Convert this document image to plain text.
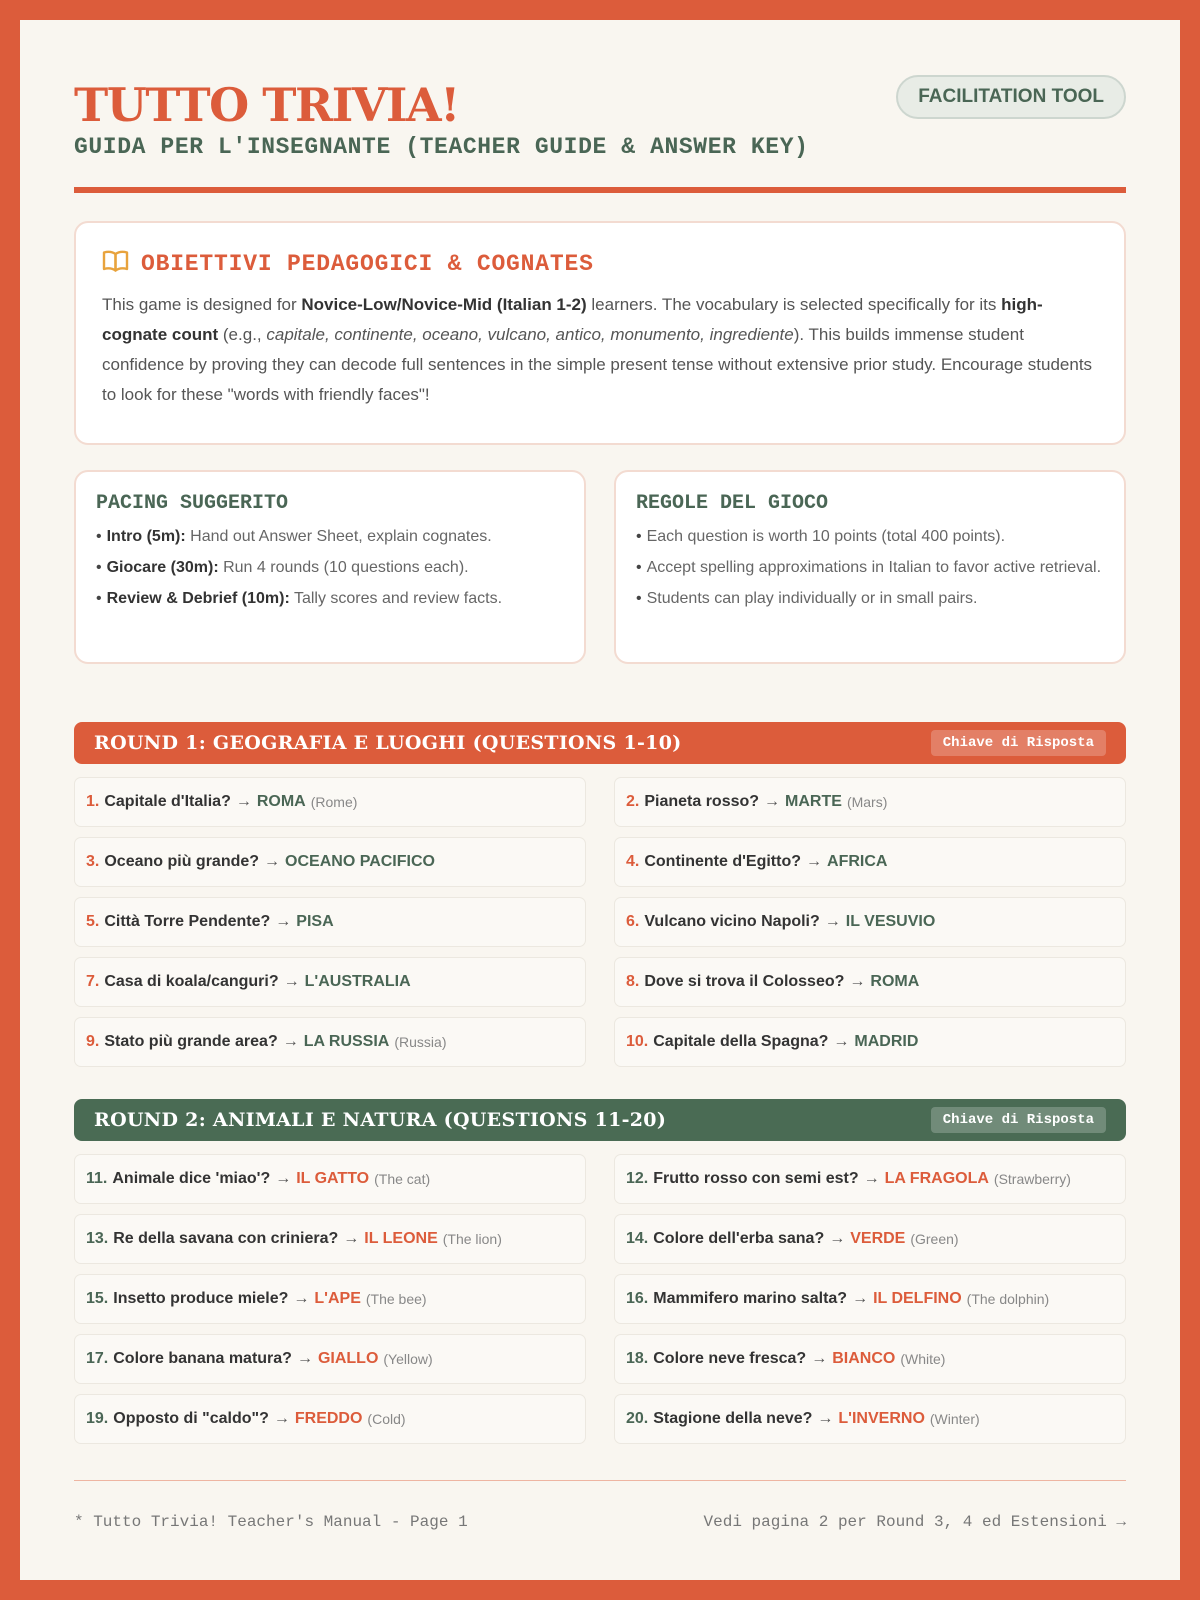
TUTTO TRIVIA!
GUIDA PER L'INSEGNANTE (TEACHER GUIDE & ANSWER KEY)
FACILITATION TOOL
OBIETTIVI PEDAGOGICI & COGNATES
This game is designed for Novice-Low/Novice-Mid (Italian 1-2) learners. The vocabulary is selected specifically for its high-cognate count (e.g., capitale, continente, oceano, vulcano, antico, monumento, ingrediente). This builds immense student confidence by proving they can decode full sentences in the simple present tense without extensive prior study. Encourage students to look for these "words with friendly faces"!
PACING SUGGERITO
• Intro (5m): Hand out Answer Sheet, explain cognates.
• Giocare (30m): Run 4 rounds (10 questions each).
• Review & Debrief (10m): Tally scores and review facts.
REGOLE DEL GIOCO
• Each question is worth 10 points (total 400 points).
• Accept spelling approximations in Italian to favor active retrieval.
• Students can play individually or in small pairs.
ROUND 1: GEOGRAFIA E LUOGHI (QUESTIONS 1-10)	Chiave di Risposta
1. Capitale d'Italia? → ROMA (Rome)	2. Pianeta rosso? → MARTE (Mars)
3. Oceano più grande? → OCEANO PACIFICO	4. Continente d'Egitto? → AFRICA
5. Città Torre Pendente? → PISA	6. Vulcano vicino Napoli? → IL VESUVIO
7. Casa di koala/canguri? → L'AUSTRALIA	8. Dove si trova il Colosseo? → ROMA
9. Stato più grande area? → LA RUSSIA (Russia)	10. Capitale della Spagna? → MADRID
ROUND 2: ANIMALI E NATURA (QUESTIONS 11-20)	Chiave di Risposta
11. Animale dice 'miao'? → IL GATTO (The cat)	12. Frutto rosso con semi est? → LA FRAGOLA (Strawberry)
13. Re della savana con criniera? → IL LEONE (The lion)	14. Colore dell'erba sana? → VERDE (Green)
15. Insetto produce miele? → L'APE (The bee)	16. Mammifero marino salta? → IL DELFINO (The dolphin)
17. Colore banana matura? → GIALLO (Yellow)	18. Colore neve fresca? → BIANCO (White)
19. Opposto di "caldo"? → FREDDO (Cold)	20. Stagione della neve? → L'INVERNO (Winter)
* Tutto Trivia! Teacher's Manual - Page 1	Vedi pagina 2 per Round 3, 4 ed Estensioni →
